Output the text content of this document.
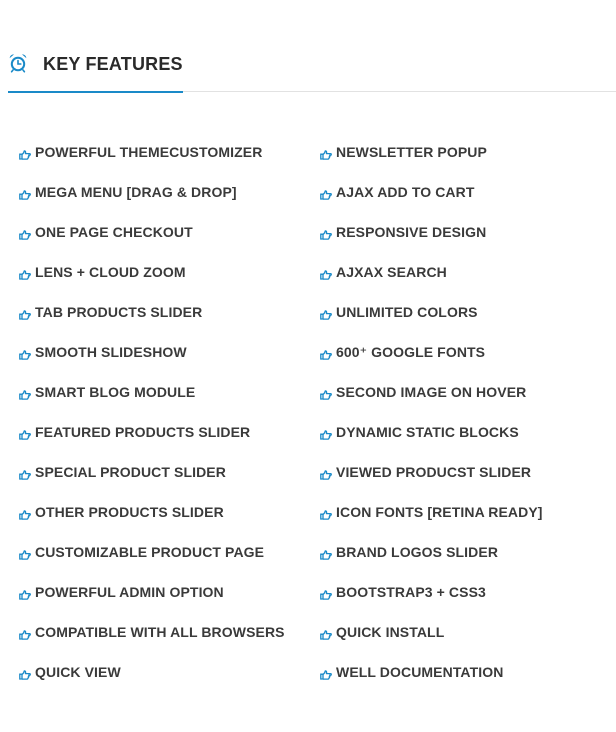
KEY FEATURES
POWERFUL THEMECUSTOMIZER	NEWSLETTER POPUP
MEGA MENU [DRAG & DROP]	AJAX ADD TO CART
ONE PAGE CHECKOUT	RESPONSIVE DESIGN
LENS + CLOUD ZOOM	AJXAX SEARCH
TAB PRODUCTS SLIDER	UNLIMITED COLORS
SMOOTH SLIDESHOW	600⁺ GOOGLE FONTS
SMART BLOG MODULE	SECOND IMAGE ON HOVER
FEATURED PRODUCTS SLIDER	DYNAMIC STATIC BLOCKS
SPECIAL PRODUCT SLIDER	VIEWED PRODUCST SLIDER
OTHER PRODUCTS SLIDER	ICON FONTS [RETINA READY]
CUSTOMIZABLE PRODUCT PAGE	BRAND LOGOS SLIDER
POWERFUL ADMIN OPTION	BOOTSTRAP3 + CSS3
COMPATIBLE WITH ALL BROWSERS	QUICK INSTALL
QUICK VIEW	WELL DOCUMENTATION
